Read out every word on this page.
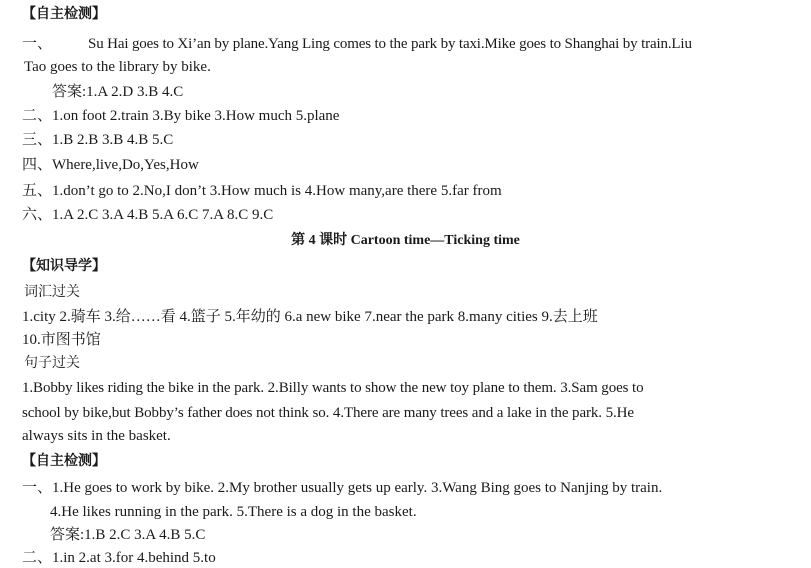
【自主检测】
一、 Su Hai goes to Xi’an by plane.Yang Ling comes to the park by taxi.Mike goes to Shanghai by train.Liu
Tao goes to the library by bike.
答案:1.A 2.D 3.B 4.C
二、1.on foot 2.train 3.By bike 3.How much 5.plane
三、1.B 2.B 3.B 4.B 5.C
四、Where,live,Do,Yes,How
五、1.don’t go to 2.No,I don’t 3.How much is 4.How many,are there 5.far from
六、1.A 2.C 3.A 4.B 5.A 6.C 7.A 8.C 9.C
第 4 课时 Cartoon time—Ticking time
【知识导学】
词汇过关
1.city 2.骑车 3.给……看 4.篮子 5.年幼的 6.a new bike 7.near the park 8.many cities 9.去上班
10.市图书馆
句子过关
1.Bobby likes riding the bike in the park. 2.Billy wants to show the new toy plane to them. 3.Sam goes to
school by bike,but Bobby’s father does not think so. 4.There are many trees and a lake in the park. 5.He
always sits in the basket.
【自主检测】
一、1.He goes to work by bike. 2.My brother usually gets up early. 3.Wang Bing goes to Nanjing by train.
4.He likes running in the park. 5.There is a dog in the basket.
答案:1.B 2.C 3.A 4.B 5.C
二、1.in 2.at 3.for 4.behind 5.to
